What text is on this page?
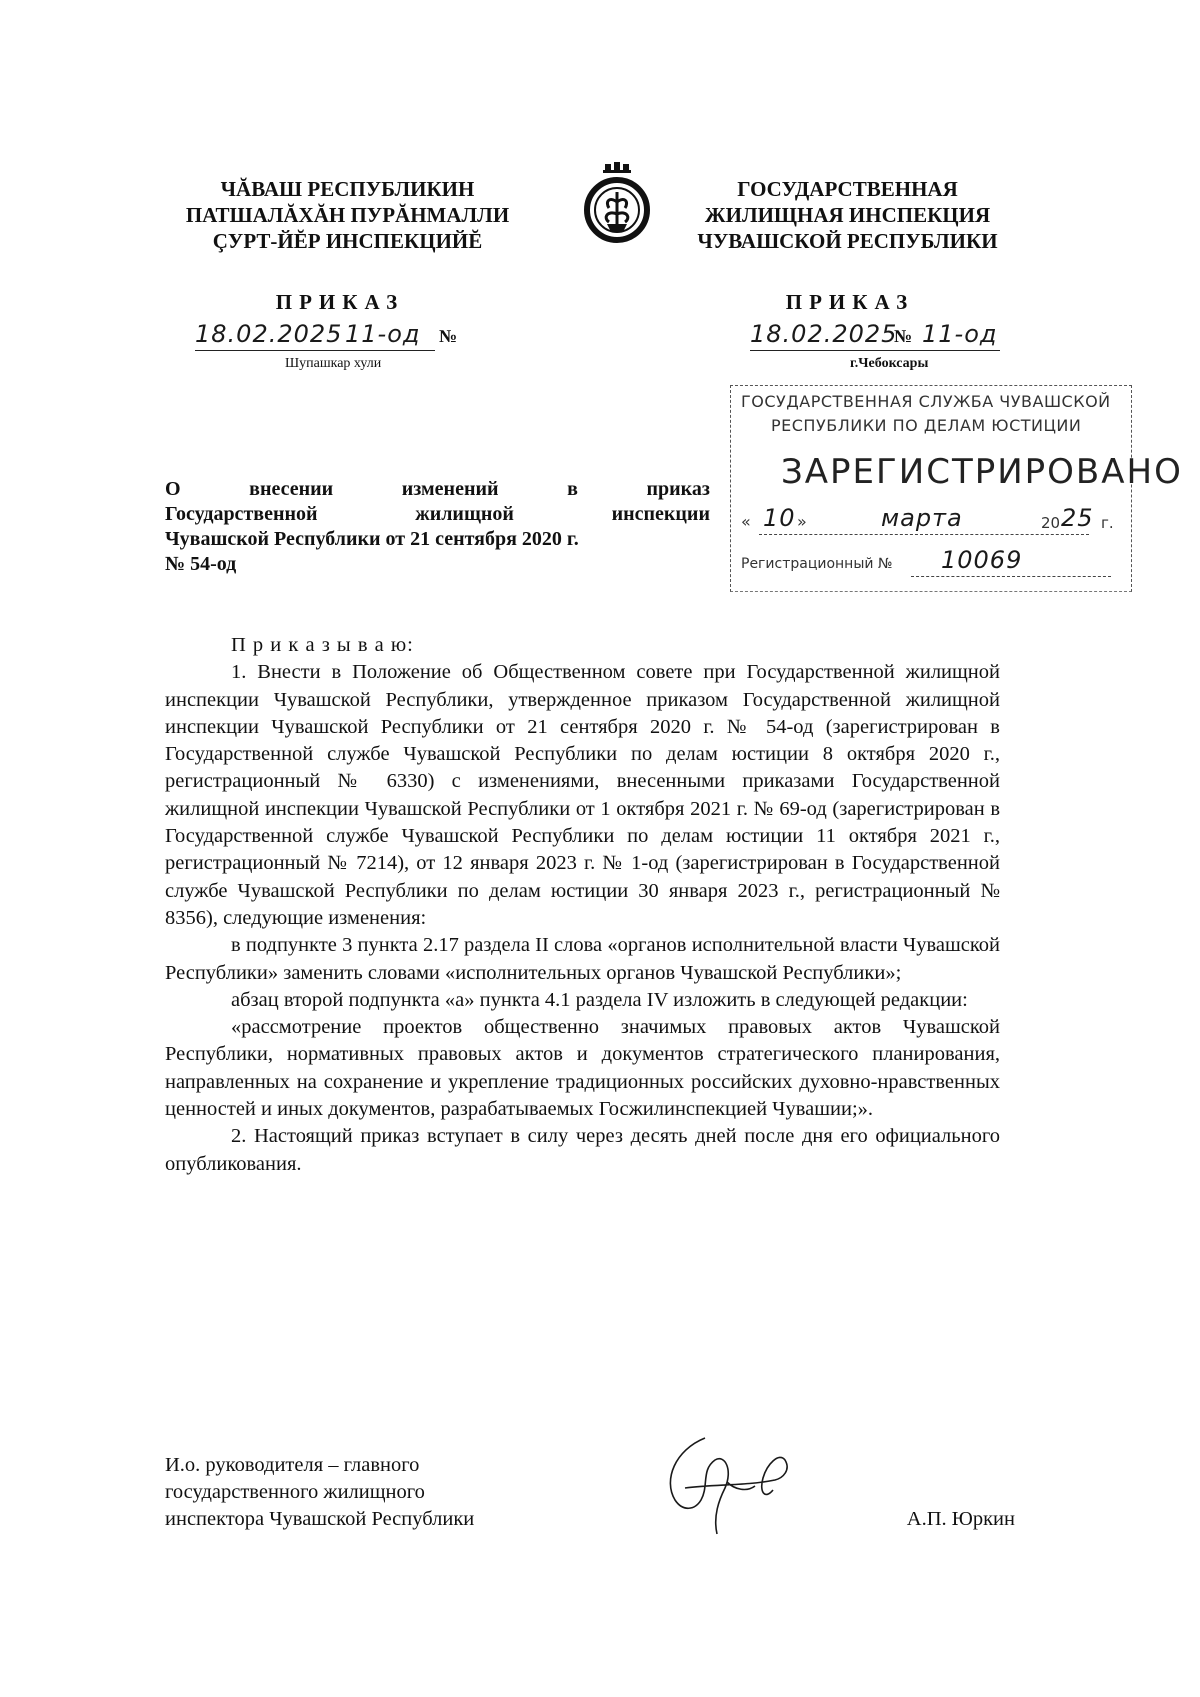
ЧĂВАШ РЕСПУБЛИКИН
ПАТШАЛĂХĂН ПУРĂНМАЛЛИ
ÇУРТ-ЙĔР ИНСПЕКЦИЙĔ
ГОСУДАРСТВЕННАЯ
ЖИЛИЩНАЯ ИНСПЕКЦИЯ
ЧУВАШСКОЙ РЕСПУБЛИКИ
ПРИКАЗ	ПРИКАЗ
18.02.2025 11-од №
Шупашкар хули
18.02.2025
№ 11-од
г.Чебоксары
ГОСУДАРСТВЕННАЯ СЛУЖБА ЧУВАШСКОЙ
РЕСПУБЛИКИ ПО ДЕЛАМ ЮСТИЦИИ
ЗАРЕГИСТРИРОВАНО
« 10 »	марта	20 25 г.
Регистрационный № 10069
О	внесении	изменений	в	приказ
Государственной	жилищной	инспекции
Чувашской Республики от 21 сентября 2020 г.
№ 54-од

П р и к а з ы в а ю:

1. Внести в Положение об Общественном совете при Государственной жилищной инспекции Чувашской Республики, утвержденное приказом Государственной жилищной инспекции Чувашской Республики от 21 сентября 2020 г. № 54-од (зарегистрирован в Государственной службе Чувашской Республики по делам юстиции 8 октября 2020 г., регистрационный № 6330) с изменениями, внесенными приказами Государственной жилищной инспекции Чувашской Республики от 1 октября 2021 г. № 69-од (зарегистрирован в Государственной службе Чувашской Республики по делам юстиции 11 октября 2021 г., регистрационный № 7214), от 12 января 2023 г. № 1-од (зарегистрирован в Государственной службе Чувашской Республики по делам юстиции 30 января 2023 г., регистрационный № 8356), следующие изменения:

в подпункте 3 пункта 2.17 раздела II слова «органов исполнительной власти Чувашской Республики» заменить словами «исполнительных органов Чувашской Республики»;

абзац второй подпункта «а» пункта 4.1 раздела IV изложить в следующей редакции:

«рассмотрение проектов общественно значимых правовых актов Чувашской Республики, нормативных правовых актов и документов стратегического планирования, направленных на сохранение и укрепление традиционных российских духовно-нравственных ценностей и иных документов, разрабатываемых Госжилинспекцией Чувашии;».

2. Настоящий приказ вступает в силу через десять дней после дня его официального опубликования.

И.о. руководителя – главного
государственного жилищного
инспектора Чувашской Республики	А.П. Юркин
